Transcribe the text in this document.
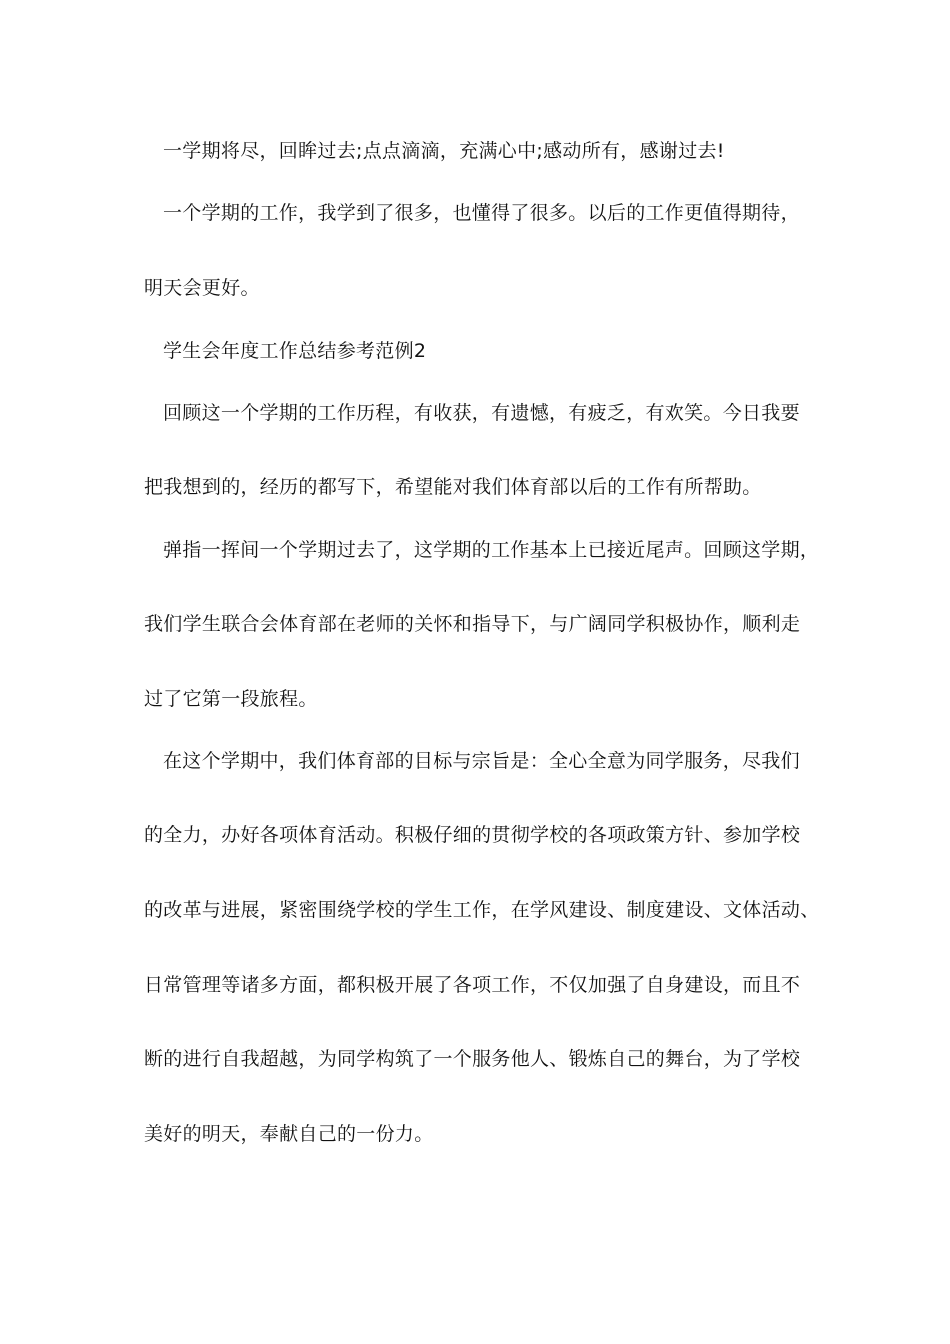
一学期将尽，回眸过去;点点滴滴，充满心中;感动所有，感谢过去!
一个学期的工作，我学到了很多，也懂得了很多。以后的工作更值得期待，
明天会更好。
学生会年度工作总结参考范例2
回顾这一个学期的工作历程，有收获，有遗憾，有疲乏，有欢笑。今日我要
把我想到的，经历的都写下，希望能对我们体育部以后的工作有所帮助。
弹指一挥间一个学期过去了，这学期的工作基本上已接近尾声。回顾这学期，
我们学生联合会体育部在老师的关怀和指导下，与广阔同学积极协作，顺利走
过了它第一段旅程。
在这个学期中，我们体育部的目标与宗旨是：全心全意为同学服务，尽我们
的全力，办好各项体育活动。积极仔细的贯彻学校的各项政策方针、参加学校
的改革与进展，紧密围绕学校的学生工作，在学风建设、制度建设、文体活动、
日常管理等诸多方面，都积极开展了各项工作，不仅加强了自身建设，而且不
断的进行自我超越，为同学构筑了一个服务他人、锻炼自己的舞台，为了学校
美好的明天，奉献自己的一份力。
